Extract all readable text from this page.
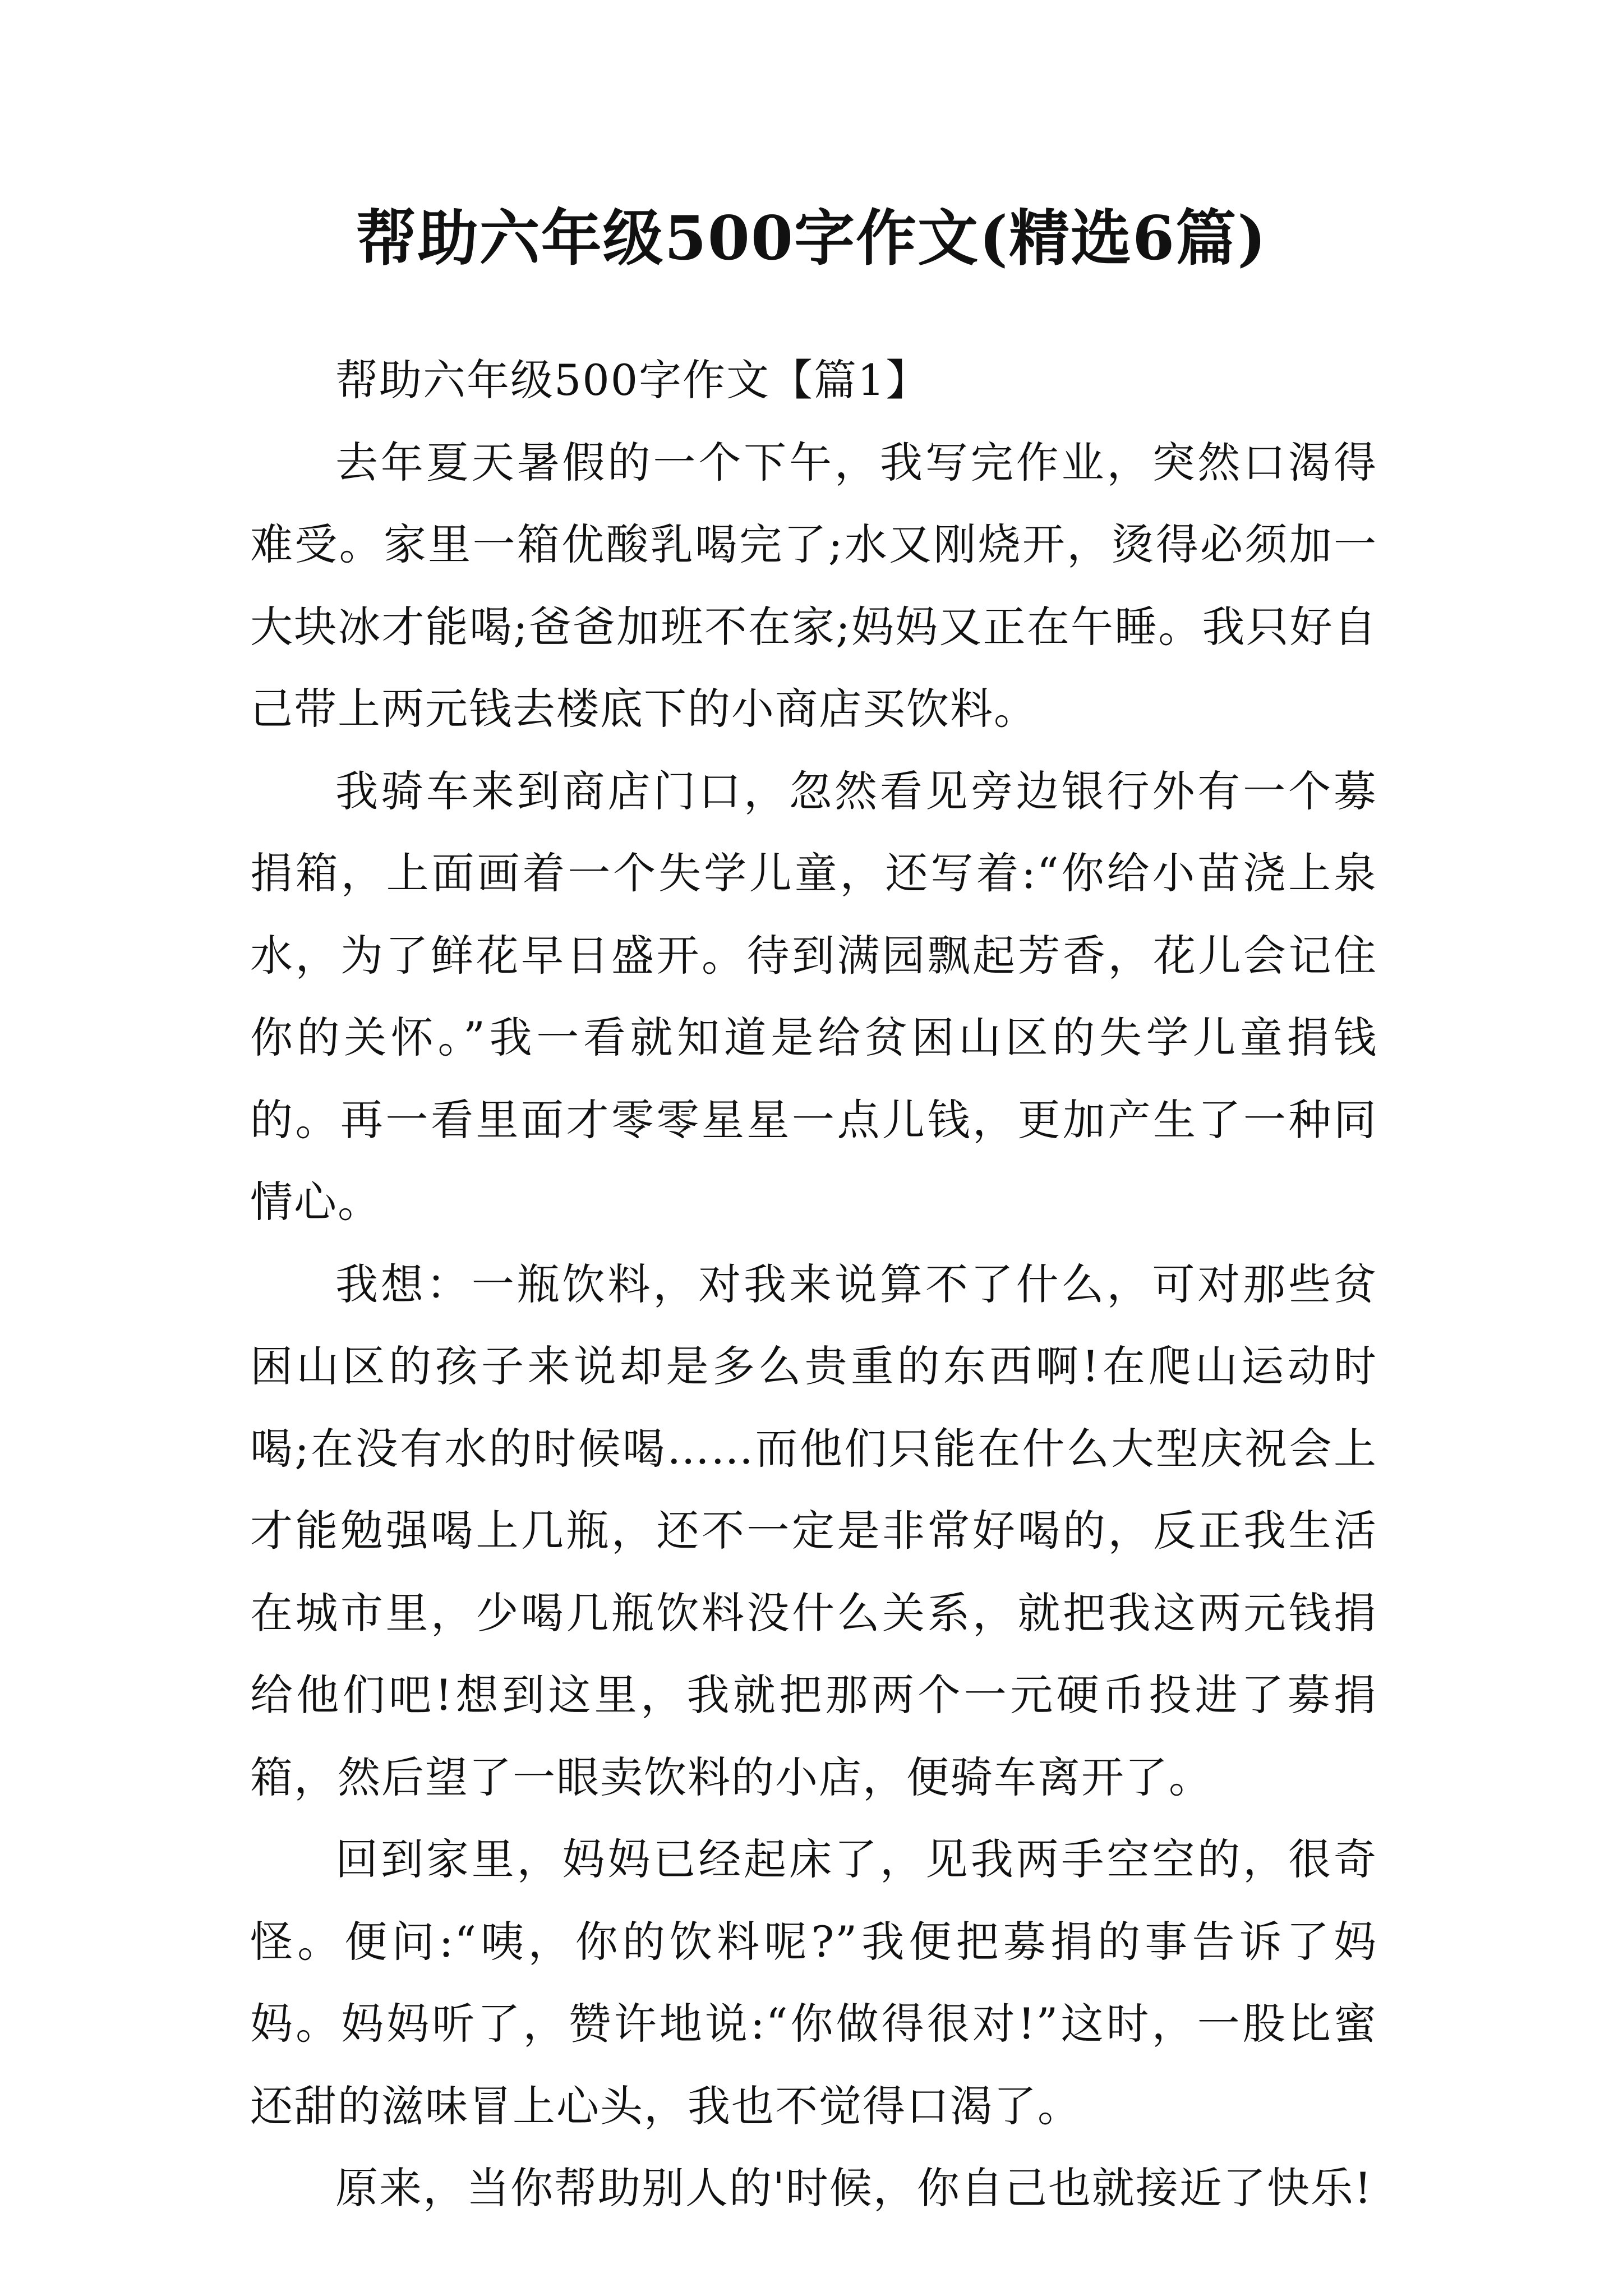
帮助六年级500字作文(精选6篇)

帮助六年级500字作文【篇1】

去年夏天暑假的一个下午，我写完作业，突然口渴得难受。家里一箱优酸乳喝完了;水又刚烧开，烫得必须加一大块冰才能喝;爸爸加班不在家;妈妈又正在午睡。我只好自己带上两元钱去楼底下的小商店买饮料。

我骑车来到商店门口，忽然看见旁边银行外有一个募捐箱，上面画着一个失学儿童，还写着:“你给小苗浇上泉水，为了鲜花早日盛开。待到满园飘起芳香，花儿会记住你的关怀。”我一看就知道是给贫困山区的失学儿童捐钱的。再一看里面才零零星星一点儿钱，更加产生了一种同情心。

我想：一瓶饮料，对我来说算不了什么，可对那些贫困山区的孩子来说却是多么贵重的东西啊!在爬山运动时喝;在没有水的时候喝……而他们只能在什么大型庆祝会上才能勉强喝上几瓶，还不一定是非常好喝的，反正我生活在城市里，少喝几瓶饮料没什么关系，就把我这两元钱捐给他们吧!想到这里，我就把那两个一元硬币投进了募捐箱，然后望了一眼卖饮料的小店，便骑车离开了。

回到家里，妈妈已经起床了，见我两手空空的，很奇怪。便问:“咦，你的饮料呢?”我便把募捐的事告诉了妈妈。妈妈听了，赞许地说:“你做得很对!”这时，一股比蜜还甜的滋味冒上心头，我也不觉得口渴了。

原来，当你帮助别人的'时候，你自己也就接近了快乐!
